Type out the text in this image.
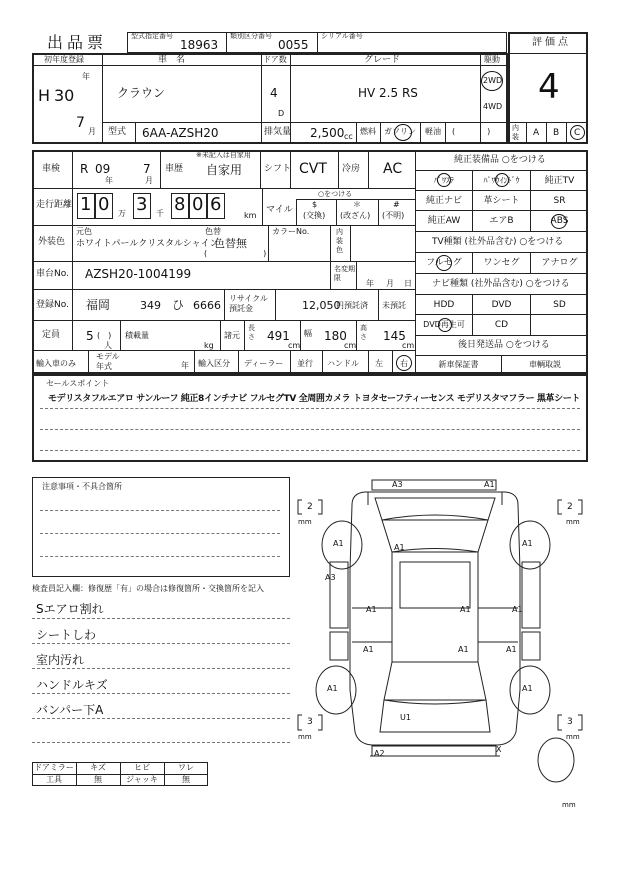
出品票	型式指定番号
18963
類別区分番号
0055
シリアル番号
評価点
4
初年度登録
H 30
年
7
月
車　名
クラウン
ドア数
4
D
グレード
HV 2.5 RS
駆動
2WD
4WD
型式 6AA-AZSH20	排気量 2,500 cc
燃料 ガソリン 軽油 (　　　　)	内装 A B C
車検 R 09
年
7
月
※未記入は自家用
車歴 自家用 シフト CVT 冷房 AC
走行距離 1 0 万 3 千 8 0 6
km
○をつける
マイル
$
(交換)
＊
(改ざん)
#
(不明)
元色
外装色 ホワイトパールクリスタルシャイン
色替
色替無
(　　　　　　　)
カラーNo.	内装色
車台No. AZSH20-1004199	名変期限
年 月 日
登録No. 福岡	349 ひ 6666
リサイクル預託金	12,050
円預託済 未預託
定員 5 (　)
人
積載量
kg
諸元
長さ 491
cm
幅 180
cm
高さ 145
cm
輸入車のみ
モデル年式	年 輸入区分 ディーラー 並行 ハンドル 左 右
純正装備品 ○をつける
ﾊﾟﾜｽﾃ	ﾊﾟﾜｳｲﾝﾄﾞｳ	純正TV
純正ナビ	革シート	SR
純正AW	エアB	ABS
TV種類 (社外品含む) ○をつける
フルセグ	ワンセグ	アナログ
ナビ種類 (社外品含む) ○をつける
HDD	DVD	SD
DVD再生可	CD
後日発送品 ○をつける
新車保証書	車輌取説
セールスポイント
モデリスタフルエアロ サンルーフ 純正8インチナビ フルセグTV 全周囲カメラ トヨタセーフティーセンス モデリスタマフラー 黒革シート
注意事項・不具合箇所
検査員記入欄：修復歴「有」の場合は修復箇所・交換箇所を記入
Sエアロ割れ
シートしわ
室内汚れ
ハンドルキズ
バンパー下A
ドアミラー	キズ	ヒビ	ワレ
工具	無	ジャッキ	無
2
mm
2
mm
3
mm
3
mm
mm
A3	A1
A1	A1	A1
A3
A1	A1	A1
A1	A1	A1
A1	A1
U1
A2	X
